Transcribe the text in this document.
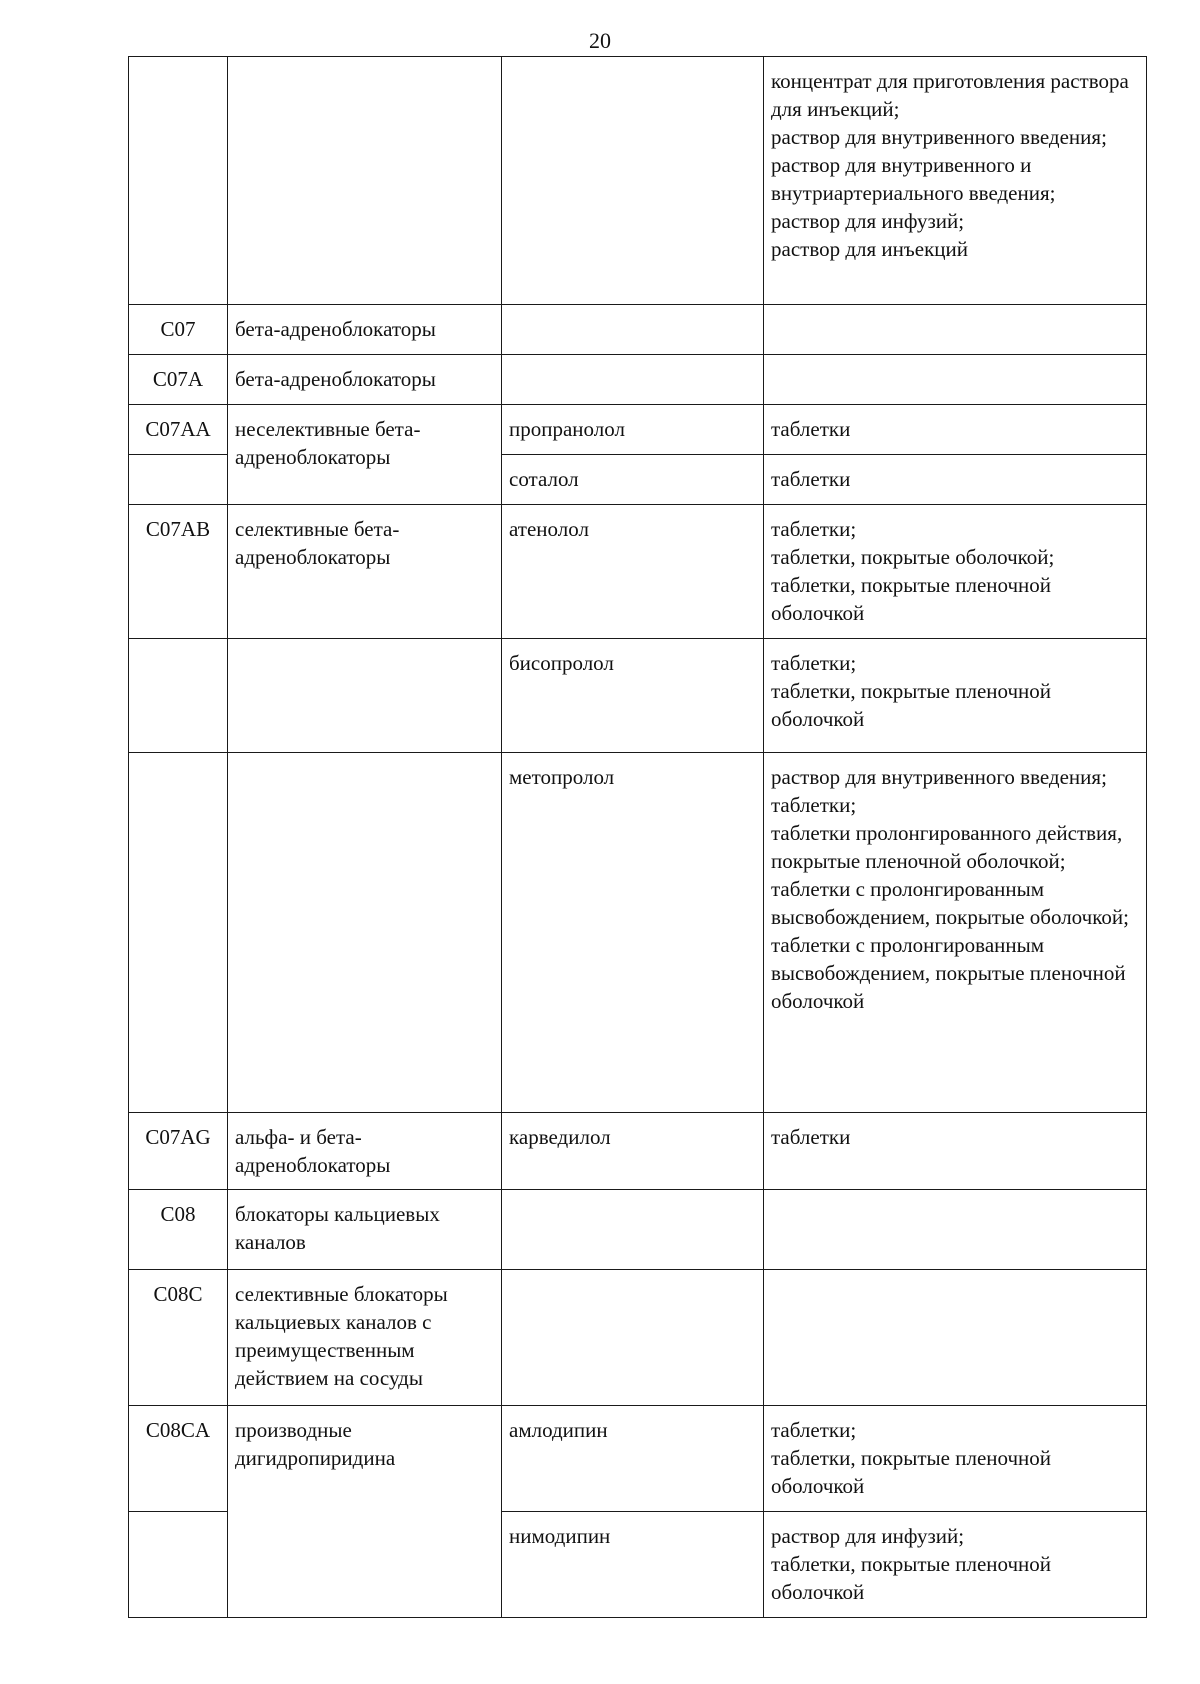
20

			концентрат для приготовления раствора для инъекций;
раствор для внутривенного введения;
раствор для внутривенного и внутриартериального введения;
раствор для инфузий;
раствор для инъекций

C07	бета-адреноблокаторы		
C07A	бета-адреноблокаторы		
C07AA	неселективные бета-адреноблокаторы	пропранолол	таблетки

		соталол	таблетки

C07AB	селективные бета-адреноблокаторы	атенолол	таблетки;
таблетки, покрытые оболочкой;
таблетки, покрытые пленочной оболочкой

		бисопролол	таблетки;
таблетки, покрытые пленочной оболочкой

		метопролол	раствор для внутривенного введения;
таблетки;
таблетки пролонгированного действия, покрытые пленочной оболочкой;
таблетки с пролонгированным высвобождением, покрытые оболочкой;
таблетки с пролонгированным высвобождением, покрытые пленочной оболочкой

C07AG	альфа- и бета-адреноблокаторы	карведилол	таблетки

C08	блокаторы кальциевых каналов		
C08C	селективные блокаторы кальциевых каналов с преимущественным действием на сосуды		
C08CA	производные дигидропиридина	амлодипин	таблетки;
таблетки, покрытые пленочной оболочкой

		нимодипин	раствор для инфузий;
таблетки, покрытые пленочной оболочкой
